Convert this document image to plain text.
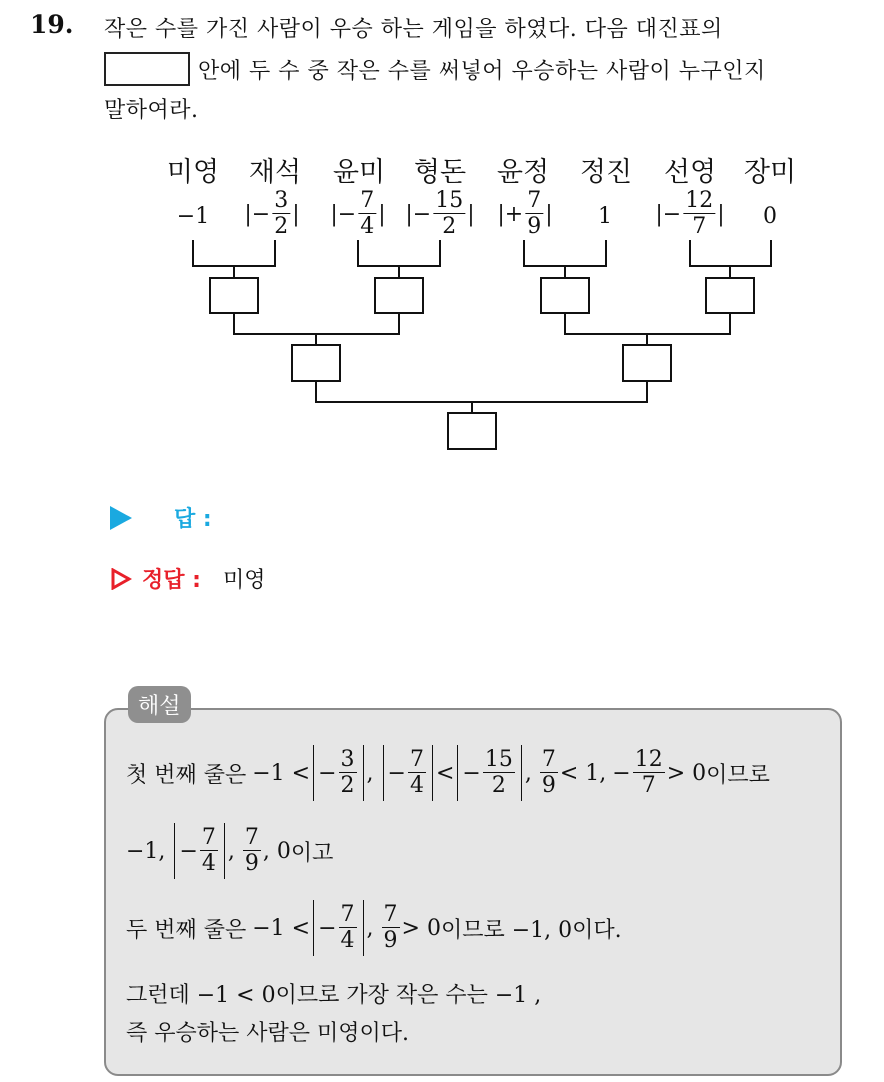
19. 작은 수를 가진 사람이 우승 하는 게임을 하였다. 다음 대진표의
안에 두 수 중 작은 수를 써넣어 우승하는 사람이 누구인지
말하여라.
미영 재석 윤미 형돈 윤정 정진 선영 장미
−1 |− $\frac{3}{2}$ | |− $\frac{7}{4}$ | |− $\frac{15}{2}$ | |+ $\frac{7}{9}$ | 1 |− $\frac{12}{7}$ | 0
답 :
정답 : 미영
해설
첫 번째 줄은 −1 < − $\frac{3}{2}$ , − $\frac{7}{4}$ < − $\frac{15}{2}$ , $\frac{7}{9} < 1$, − $\frac{12}{7} > 0$ 이므로
−1, − $\frac{7}{4}$ , $\frac{7}{9}$ , 0 이고
두 번째 줄은 −1 < − $\frac{7}{4}$ , $\frac{7}{9} > 0$ 이므로 −1, 0이다.
그런데 −1 < 0이므로 가장 작은 수는 −1 ,
즉 우승하는 사람은 미영이다.
